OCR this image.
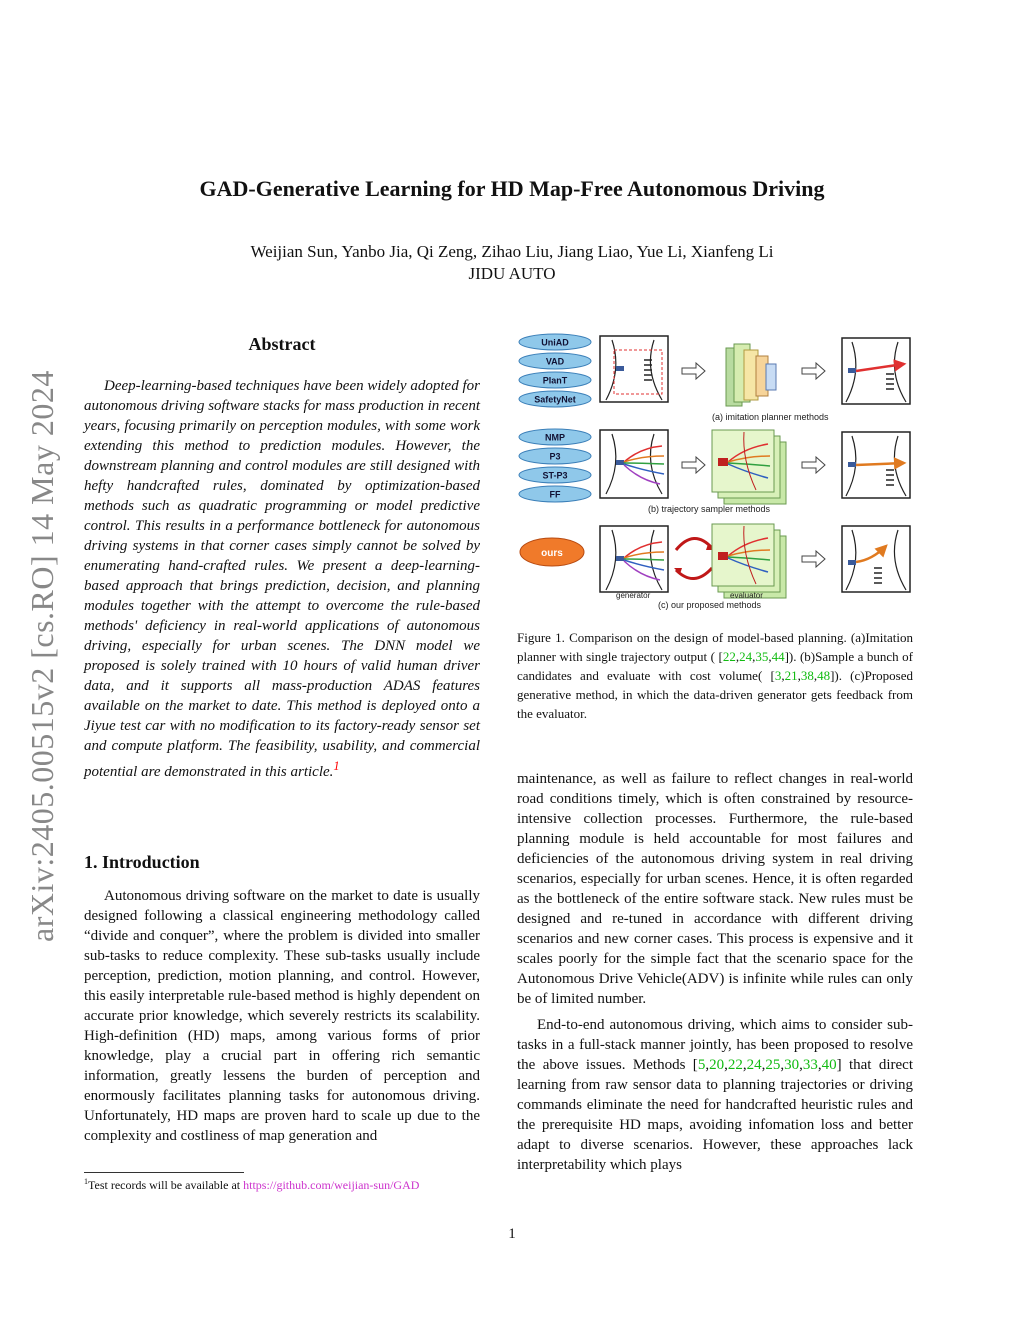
GAD-Generative Learning for HD Map-Free Autonomous Driving
Weijian Sun, Yanbo Jia, Qi Zeng, Zihao Liu, Jiang Liao, Yue Li, Xianfeng Li
JIDU AUTO
arXiv:2405.00515v2 [cs.RO] 14 May 2024
Abstract
Deep-learning-based techniques have been widely adopted for autonomous driving software stacks for mass production in recent years, focusing primarily on perception modules, with some work extending this method to prediction modules. However, the downstream planning and control modules are still designed with hefty handcrafted rules, dominated by optimization-based methods such as quadratic programming or model predictive control. This results in a performance bottleneck for autonomous driving systems in that corner cases simply cannot be solved by enumerating hand-crafted rules. We present a deep-learning-based approach that brings prediction, decision, and planning modules together with the attempt to overcome the rule-based methods' deficiency in real-world applications of autonomous driving, especially for urban scenes. The DNN model we proposed is solely trained with 10 hours of valid human driver data, and it supports all mass-production ADAS features available on the market to date. This method is deployed onto a Jiyue test car with no modification to its factory-ready sensor set and compute platform. The feasibility, usability, and commercial potential are demonstrated in this article.$^1$
1. Introduction

Autonomous driving software on the market to date is usually designed following a classical engineering methodology called “divide and conquer”, where the problem is divided into smaller sub-tasks to reduce complexity. These sub-tasks usually include perception, prediction, motion planning, and control. However, this easily interpretable rule-based method is highly dependent on accurate prior knowledge, which severely restricts its scalability. High-definition (HD) maps, among various forms of prior knowledge, play a crucial part in offering rich semantic information, greatly lessens the burden of perception and enormously facilitates planning tasks for autonomous driving. Unfortunately, HD maps are proven hard to scale up due to the complexity and costliness of map generation and

$^1$Test records will be available at https://github.com/weijian-sun/GAD
UniAD
VAD
PlanT
SafetyNet
(a) imitation planner methods
NMP
P3
ST-P3
FF
(b) trajectory sampler methods
ours
generator	evaluator
(c) our proposed methods
Figure 1. Comparison on the design of model-based planning. (a)Imitation planner with single trajectory output ( [22,24,35,44]). (b)Sample a bunch of candidates and evaluate with cost volume( [3,21,38,48]). (c)Proposed generative method, in which the data-driven generator gets feedback from the evaluator.

maintenance, as well as failure to reflect changes in real-world road conditions timely, which is often constrained by resource-intensive collection processes. Furthermore, the rule-based planning module is held accountable for most failures and deficiencies of the autonomous driving system in real driving scenarios, especially for urban scenes. Hence, it is often regarded as the bottleneck of the entire software stack. New rules must be designed and re-tuned in accordance with different driving scenarios and new corner cases. This process is expensive and it scales poorly for the simple fact that the scenario space for the Autonomous Drive Vehicle(ADV) is infinite while rules can only be of limited number.

End-to-end autonomous driving, which aims to consider sub-tasks in a full-stack manner jointly, has been proposed to resolve the above issues. Methods [5,20,22,24,25,30,33,40] that direct learning from raw sensor data to planning trajectories or driving commands eliminate the need for handcrafted heuristic rules and the prerequisite HD maps, avoiding infomation loss and better adapt to diverse scenarios. However, these approaches lack interpretability which plays

1
